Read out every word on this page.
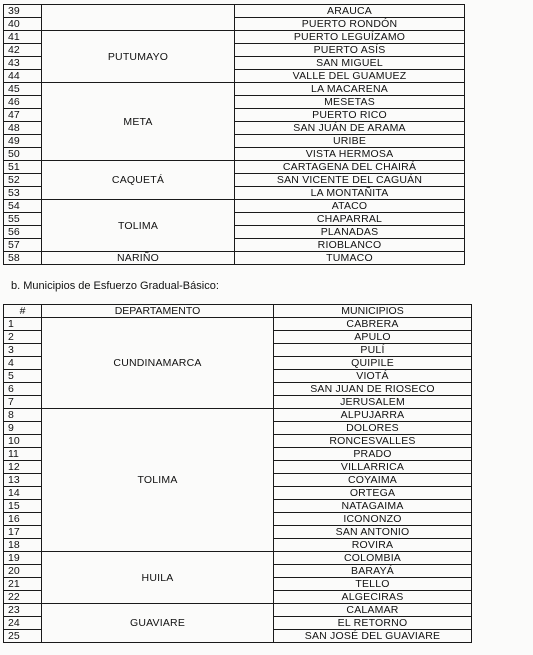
39		ARAUCA
40		PUERTO RONDÓN
41	PUTUMAYO	PUERTO LEGUÍZAMO
42		PUERTO ASÍS
43		SAN MIGUEL
44		VALLE DEL GUAMUEZ
45	META	LA MACARENA
46		MESETAS
47		PUERTO RICO
48		SAN JUÁN DE ARAMA
49		URIBE
50		VISTA HERMOSA
51	CAQUETÁ	CARTAGENA DEL CHAIRÁ
52		SAN VICENTE DEL CAGUÁN
53		LA MONTAÑITA
54	TOLIMA	ATACO
55		CHAPARRAL
56		PLANADAS
57		RIOBLANCO
58	NARIÑO	TUMACO
b. Municipios de Esfuerzo Gradual-Básico:
#	DEPARTAMENTO	MUNICIPIOS
1	CUNDINAMARCA	CABRERA
2		APULO
3		PULÍ
4		QUIPILE
5		VIOTÁ
6		SAN JUAN DE RIOSECO
7		JERUSALEM
8	TOLIMA	ALPUJARRA
9		DOLORES
10		RONCESVALLES
11		PRADO
12		VILLARRICA
13		COYAIMA
14		ORTEGA
15		NATAGAIMA
16		ICONONZO
17		SAN ANTONIO
18		ROVIRA
19	HUILA	COLOMBIA
20		BARAYÁ
21		TELLO
22		ALGECIRAS
23	GUAVIARE	CALAMAR
24		EL RETORNO
25		SAN JOSÉ DEL GUAVIARE
